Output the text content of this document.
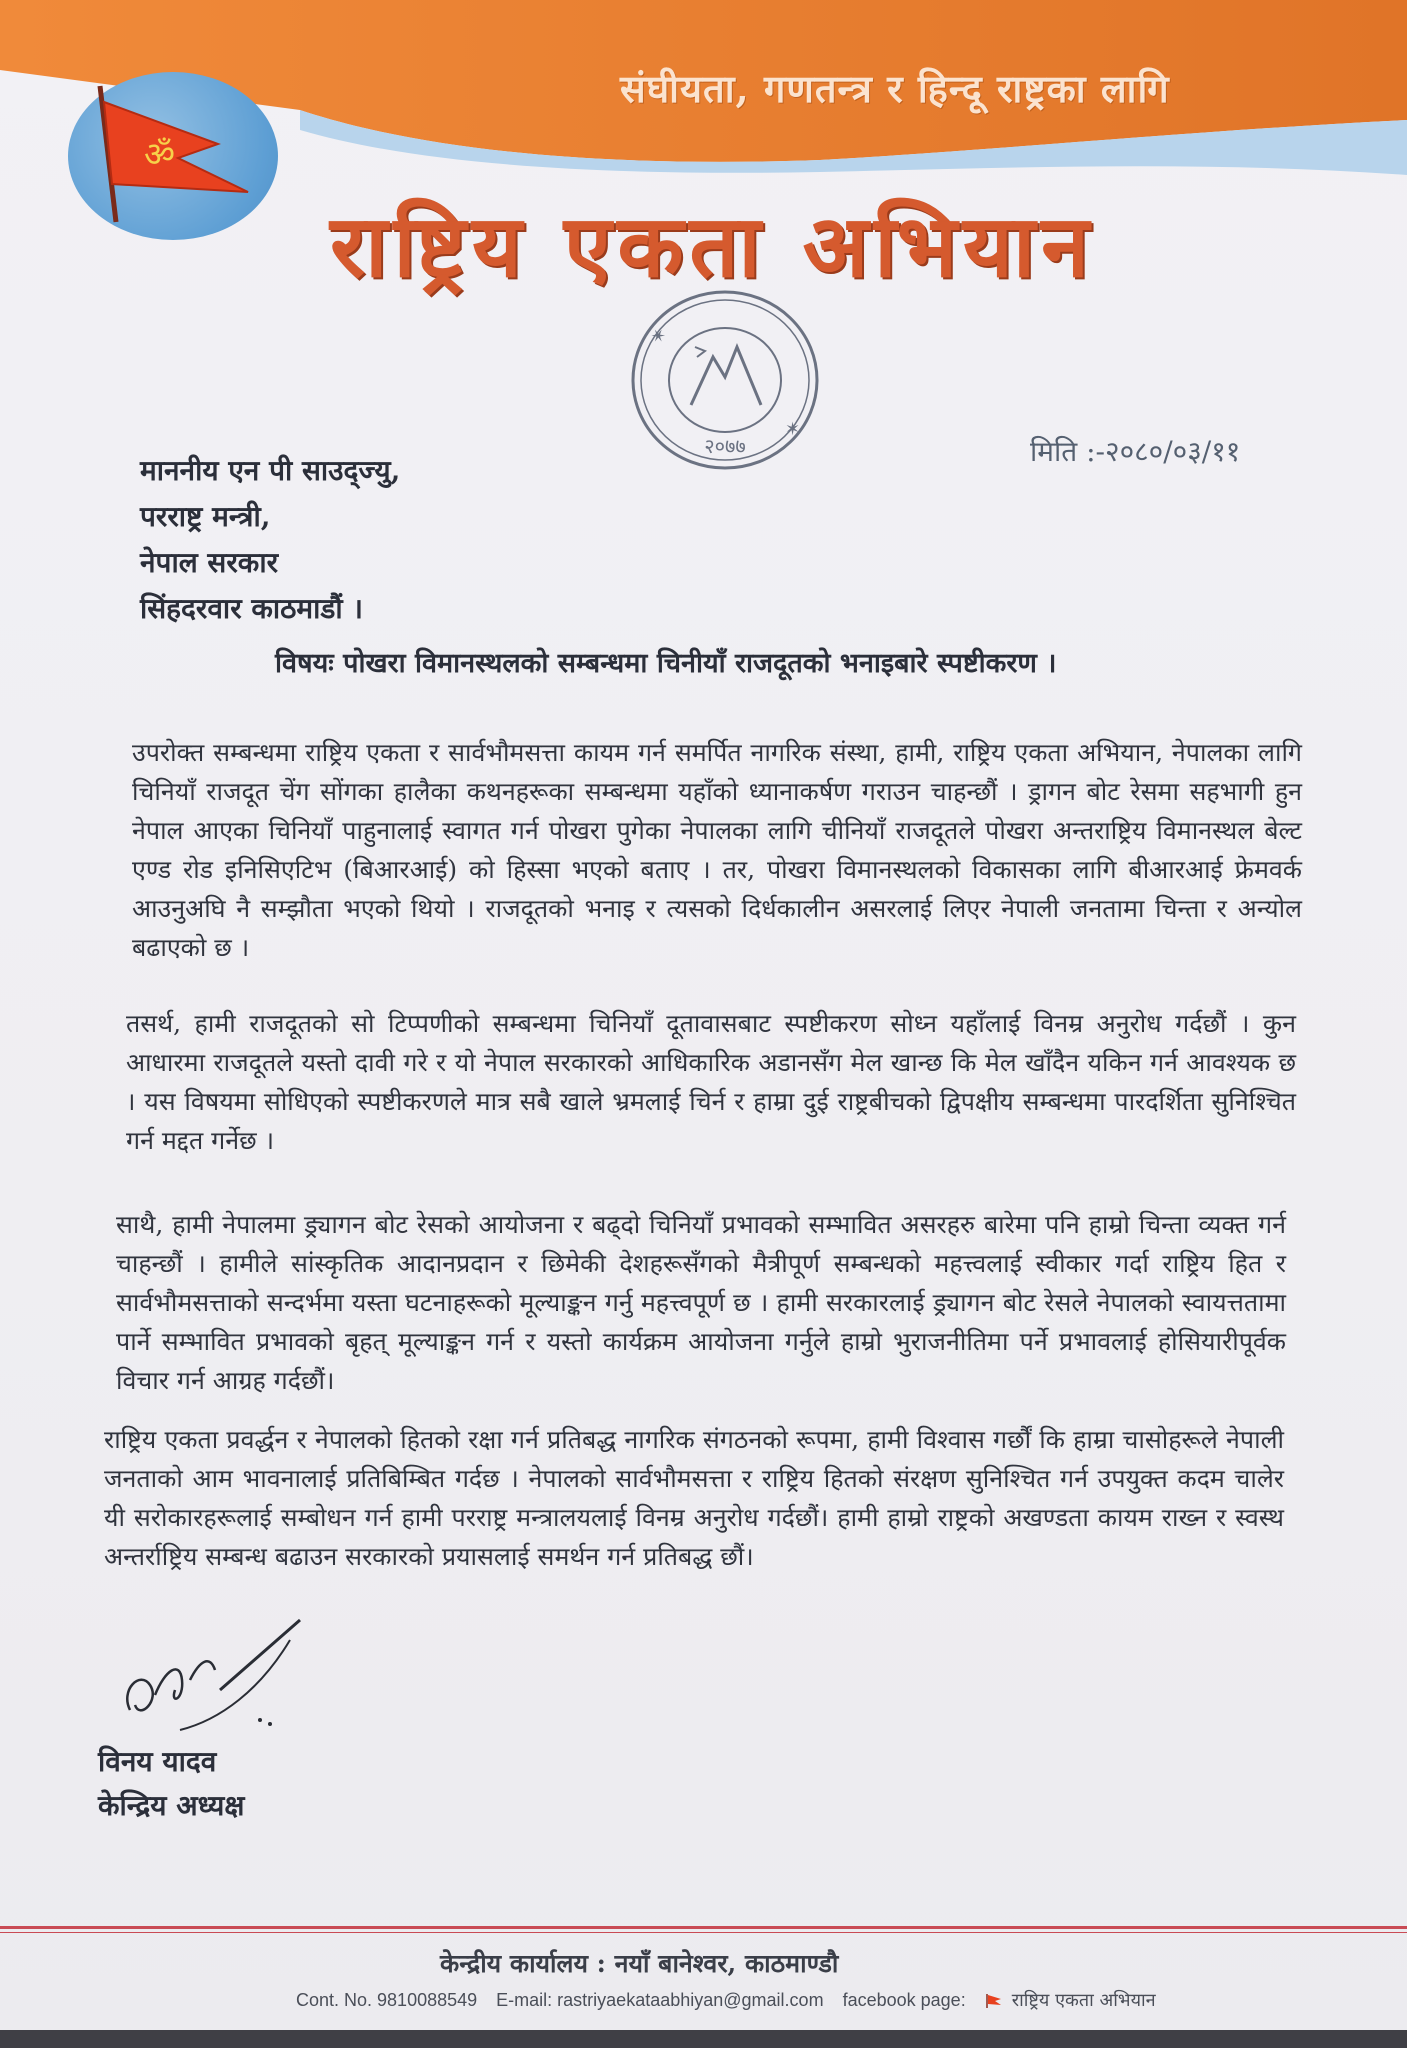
संघीयता, गणतन्त्र र हिन्दू राष्ट्रका लागि
ॐ
राष्ट्रिय एकता अभियान
२०७७
✶
✶
मिति :-२०८०/०३/११
माननीय एन पी साउद्ज्यु,
परराष्ट्र मन्त्री,
नेपाल सरकार
सिंहदरवार काठमाडौं ।
विषयः पोखरा विमानस्थलको सम्बन्धमा चिनीयाँ राजदूतको भनाइबारे स्पष्टीकरण ।
उपरोक्त सम्बन्धमा राष्ट्रिय एकता र सार्वभौमसत्ता कायम गर्न समर्पित नागरिक संस्था, हामी, राष्ट्रिय एकता अभियान, नेपालका लागि चिनियाँ राजदूत चेंग सोंगका हालैका कथनहरूका सम्बन्धमा यहाँको ध्यानाकर्षण गराउन चाहन्छौं । ड्रागन बोट रेसमा सहभागी हुन नेपाल आएका चिनियाँ पाहुनालाई स्वागत गर्न पोखरा पुगेका नेपालका लागि चीनियाँ राजदूतले पोखरा अन्तराष्ट्रिय विमानस्थल बेल्ट एण्ड रोड इनिसिएटिभ (बिआरआई) को हिस्सा भएको बताए । तर, पोखरा विमानस्थलको विकासका लागि बीआरआई फ्रेमवर्क आउनुअघि नै सम्झौता भएको थियो । राजदूतको भनाइ र त्यसको दिर्धकालीन असरलाई लिएर नेपाली जनतामा चिन्ता र अन्योल बढाएको छ ।
तसर्थ, हामी राजदूतको सो टिप्पणीको सम्बन्धमा चिनियाँ दूतावासबाट स्पष्टीकरण सोध्न यहाँलाई विनम्र अनुरोध गर्दछौं । कुन आधारमा राजदूतले यस्तो दावी गरे र यो नेपाल सरकारको आधिकारिक अडानसँग मेल खान्छ कि मेल खाँदैन यकिन गर्न आवश्यक छ । यस विषयमा सोधिएको स्पष्टीकरणले मात्र सबै खाले भ्रमलाई चिर्न र हाम्रा दुई राष्ट्रबीचको द्विपक्षीय सम्बन्धमा पारदर्शिता सुनिश्चित गर्न मद्दत गर्नेछ ।
साथै, हामी नेपालमा ड्र्यागन बोट रेसको आयोजना र बढ्दो चिनियाँ प्रभावको सम्भावित असरहरु बारेमा पनि हाम्रो चिन्ता व्यक्त गर्न चाहन्छौं । हामीले सांस्कृतिक आदानप्रदान र छिमेकी देशहरूसँगको मैत्रीपूर्ण सम्बन्धको महत्त्वलाई स्वीकार गर्दा राष्ट्रिय हित र सार्वभौमसत्ताको सन्दर्भमा यस्ता घटनाहरूको मूल्याङ्कन गर्नु महत्त्वपूर्ण छ । हामी सरकारलाई ड्र्यागन बोट रेसले नेपालको स्वायत्ततामा पार्ने सम्भावित प्रभावको बृहत् मूल्याङ्कन गर्न र यस्तो कार्यक्रम आयोजना गर्नुले हाम्रो भुराजनीतिमा पर्ने प्रभावलाई होसियारीपूर्वक विचार गर्न आग्रह गर्दछौं।
राष्ट्रिय एकता प्रवर्द्धन र नेपालको हितको रक्षा गर्न प्रतिबद्ध नागरिक संगठनको रूपमा, हामी विश्वास गर्छौं कि हाम्रा चासोहरूले नेपाली जनताको आम भावनालाई प्रतिबिम्बित गर्दछ । नेपालको सार्वभौमसत्ता र राष्ट्रिय हितको संरक्षण सुनिश्चित गर्न उपयुक्त कदम चालेर यी सरोकारहरूलाई सम्बोधन गर्न हामी परराष्ट्र मन्त्रालयलाई विनम्र अनुरोध गर्दछौं। हामी हाम्रो राष्ट्रको अखण्डता कायम राख्न र स्वस्थ अन्तर्राष्ट्रिय सम्बन्ध बढाउन सरकारको प्रयासलाई समर्थन गर्न प्रतिबद्ध छौं।
विनय यादव
केन्द्रिय अध्यक्ष
केन्द्रीय कार्यालय : नयाँ बानेश्वर, काठमाण्डौ
Cont. No. 9810088549 E-mail: rastriyaekataabhiyan@gmail.com facebook page:	राष्ट्रिय एकता अभियान
